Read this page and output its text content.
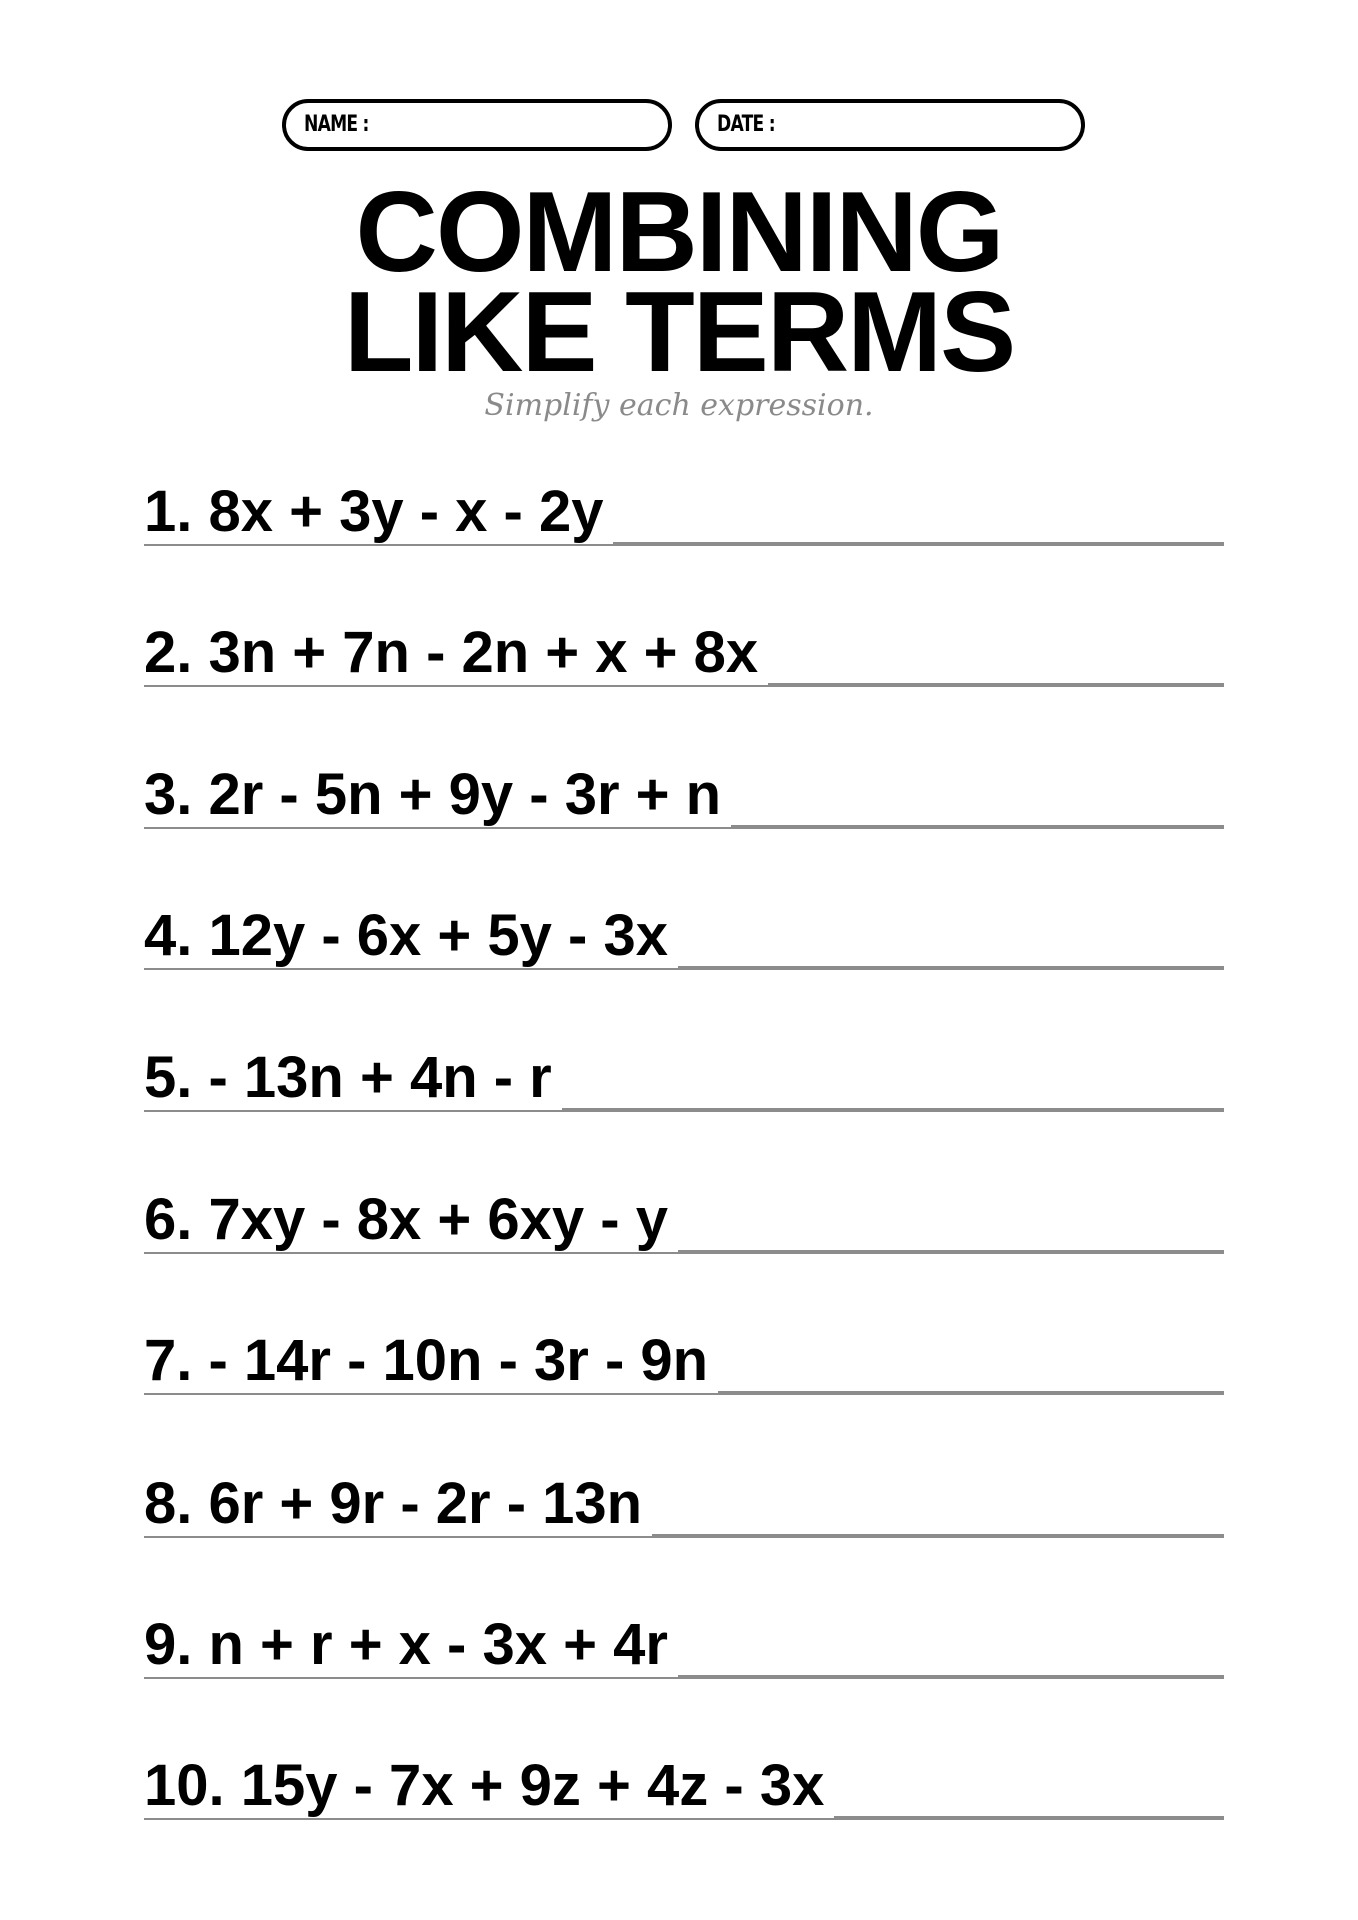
NAME :	DATE :
COMBINING
LIKE TERMS
Simplify each expression.
1. 8x + 3y - x - 2y
2. 3n + 7n - 2n + x + 8x
3. 2r - 5n + 9y - 3r + n
4. 12y - 6x + 5y - 3x
5. - 13n + 4n - r
6. 7xy - 8x + 6xy - y
7. - 14r - 10n - 3r - 9n
8. 6r + 9r - 2r - 13n
9. n + r + x - 3x + 4r
10. 15y - 7x + 9z + 4z - 3x
